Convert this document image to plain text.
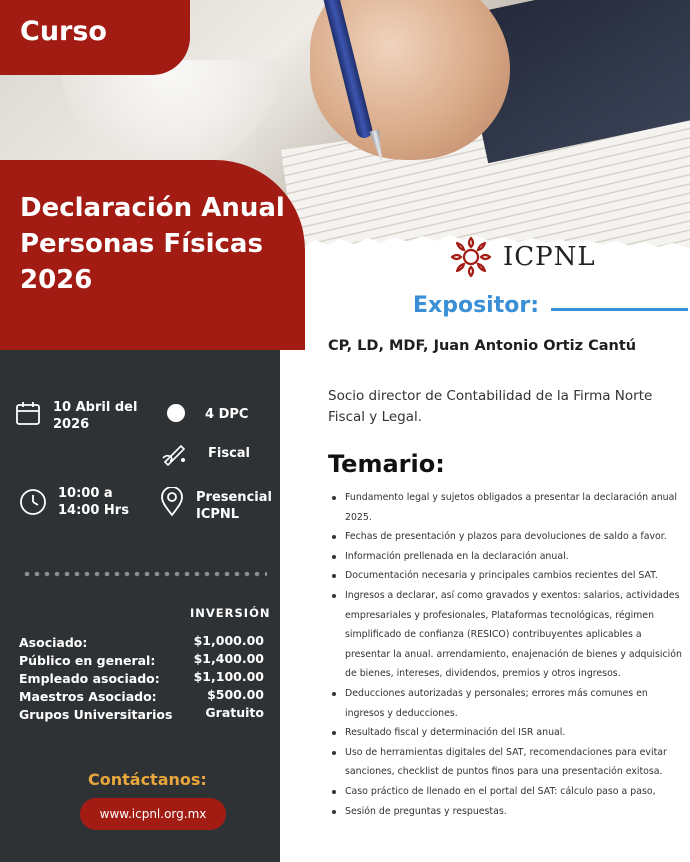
Curso
Declaración Anual Personas Físicas 2026
10 Abril del 2026
4 DPC
Fiscal
10:00 a 14:00 Hrs
Presencial ICPNL
INVERSIÓN
Asociado:	$1,000.00
Público en general:	$1,400.00
Empleado asociado:	$1,100.00
Maestros Asociado:	$500.00
Grupos Universitarios	Gratuito
Contáctanos:
www.icpnl.org.mx
ICPNL
Expositor:
CP, LD, MDF, Juan Antonio Ortiz Cantú
Socio director de Contabilidad de la Firma Norte Fiscal y Legal.
Temario:
Fundamento legal y sujetos obligados a presentar la declaración anual 2025.
Fechas de presentación y plazos para devoluciones de saldo a favor.
Información prellenada en la declaración anual.
Documentación necesaria y principales cambios recientes del SAT.
Ingresos a declarar, así como gravados y exentos: salarios, actividades empresariales y profesionales, Plataformas tecnológicas, régimen simplificado de confianza (RESICO) contribuyentes aplicables a presentar la anual. arrendamiento, enajenación de bienes y adquisición de bienes, intereses, dividendos, premios y otros ingresos.
Deducciones autorizadas y personales; errores más comunes en ingresos y deducciones.
Resultado fiscal y determinación del ISR anual.
Uso de herramientas digitales del SAT, recomendaciones para evitar sanciones, checklist de puntos finos para una presentación exitosa.
Caso práctico de llenado en el portal del SAT: cálculo paso a paso,
Sesión de preguntas y respuestas.
